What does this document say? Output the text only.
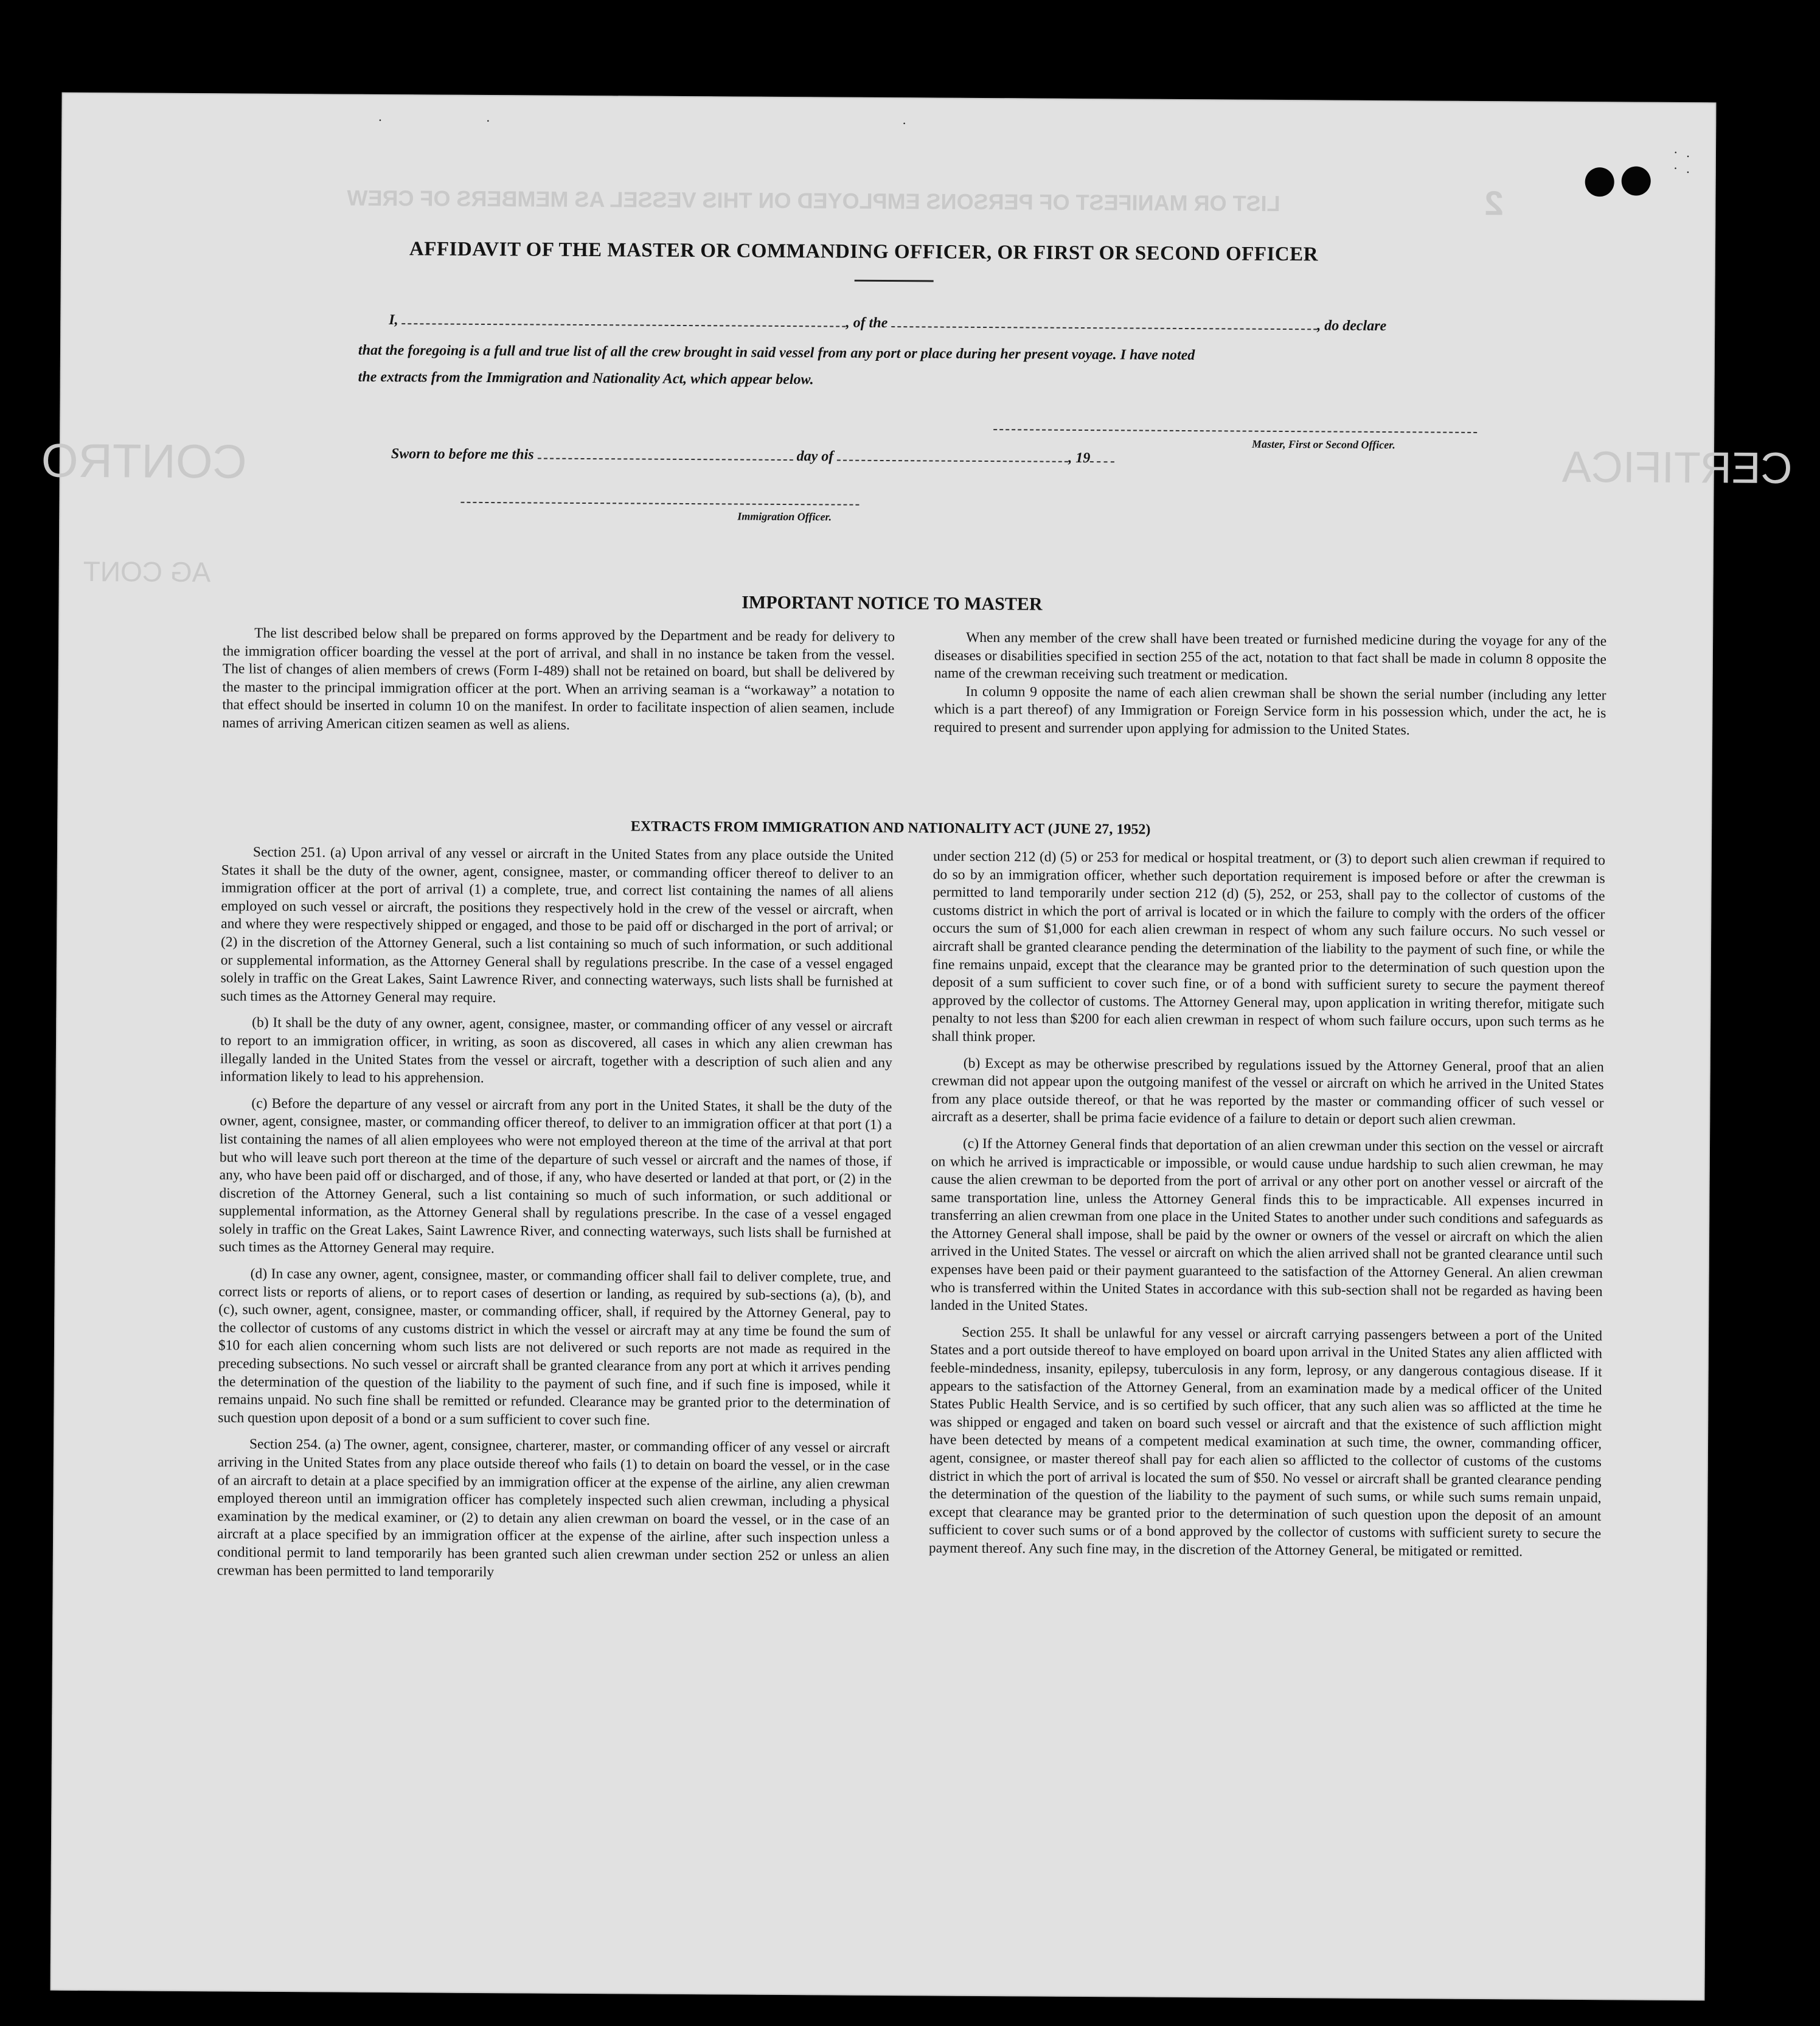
·. ·.
·        ·                                  ·
LIST OR MANIFEST OF PERSONS EMPLOYED ON THIS VESSEL AS MEMBERS OF CREW	2
CONTRO	CERTIFICA
AG CONT
AFFIDAVIT OF THE MASTER OR COMMANDING OFFICER, OR FIRST OR SECOND OFFICER
I,	, of the	, do declare
that the foregoing is a full and true list of all the crew brought in said vessel from any port or place during her present voyage. I have noted
the extracts from the Immigration and Nationality Act, which appear below.
Master, First or Second Officer.
Sworn to before me this	day of	, 19
Immigration Officer.
IMPORTANT NOTICE TO MASTER

The list described below shall be prepared on forms approved by the Department and be ready for delivery to the immigration officer boarding the vessel at the port of arrival, and shall in no instance be taken from the vessel. The list of changes of alien members of crews (Form I-489) shall not be retained on board, but shall be delivered by the master to the principal immigration officer at the port. When an arriving seaman is a “workaway” a notation to that effect should be inserted in column 10 on the manifest. In order to facilitate inspection of alien seamen, include names of arriving American citizen seamen as well as aliens.

When any member of the crew shall have been treated or furnished medicine during the voyage for any of the diseases or disabilities specified in section 255 of the act, notation to that fact shall be made in column 8 opposite the name of the crewman receiving such treatment or medication.

In column 9 opposite the name of each alien crewman shall be shown the serial number (including any letter which is a part thereof) of any Immigration or Foreign Service form in his possession which, under the act, he is required to present and surrender upon applying for admission to the United States.

EXTRACTS FROM IMMIGRATION AND NATIONALITY ACT (JUNE 27, 1952)

Section 251. (a) Upon arrival of any vessel or aircraft in the United States from any place outside the United States it shall be the duty of the owner, agent, consignee, master, or commanding officer thereof to deliver to an immigration officer at the port of arrival (1) a complete, true, and correct list containing the names of all aliens employed on such vessel or aircraft, the positions they respectively hold in the crew of the vessel or aircraft, when and where they were respectively shipped or engaged, and those to be paid off or discharged in the port of arrival; or (2) in the discretion of the Attorney General, such a list containing so much of such information, or such additional or supplemental information, as the Attorney General shall by regulations prescribe. In the case of a vessel engaged solely in traffic on the Great Lakes, Saint Lawrence River, and connecting waterways, such lists shall be furnished at such times as the Attorney General may require.

(b) It shall be the duty of any owner, agent, consignee, master, or commanding officer of any vessel or aircraft to report to an immigration officer, in writing, as soon as discovered, all cases in which any alien crewman has illegally landed in the United States from the vessel or aircraft, together with a description of such alien and any information likely to lead to his apprehension.

(c) Before the departure of any vessel or aircraft from any port in the United States, it shall be the duty of the owner, agent, consignee, master, or commanding officer thereof, to deliver to an immigration officer at that port (1) a list containing the names of all alien employees who were not employed thereon at the time of the arrival at that port but who will leave such port thereon at the time of the departure of such vessel or aircraft and the names of those, if any, who have been paid off or discharged, and of those, if any, who have deserted or landed at that port, or (2) in the discretion of the Attorney General, such a list containing so much of such information, or such additional or supplemental information, as the Attorney General shall by regulations prescribe. In the case of a vessel engaged solely in traffic on the Great Lakes, Saint Lawrence River, and connecting waterways, such lists shall be furnished at such times as the Attorney General may require.

(d) In case any owner, agent, consignee, master, or commanding officer shall fail to deliver complete, true, and correct lists or reports of aliens, or to report cases of desertion or landing, as required by sub-sections (a), (b), and (c), such owner, agent, consignee, master, or commanding officer, shall, if required by the Attorney General, pay to the collector of customs of any customs district in which the vessel or aircraft may at any time be found the sum of $10 for each alien concerning whom such lists are not delivered or such reports are not made as required in the preceding subsections. No such vessel or aircraft shall be granted clearance from any port at which it arrives pending the determination of the question of the liability to the payment of such fine, and if such fine is imposed, while it remains unpaid. No such fine shall be remitted or refunded. Clearance may be granted prior to the determination of such question upon deposit of a bond or a sum sufficient to cover such fine.

Section 254. (a) The owner, agent, consignee, charterer, master, or commanding officer of any vessel or aircraft arriving in the United States from any place outside thereof who fails (1) to detain on board the vessel, or in the case of an aircraft to detain at a place specified by an immigration officer at the expense of the airline, any alien crewman employed thereon until an immigration officer has completely inspected such alien crewman, including a physical examination by the medical examiner, or (2) to detain any alien crewman on board the vessel, or in the case of an aircraft at a place specified by an immigration officer at the expense of the airline, after such inspection unless a conditional permit to land temporarily has been granted such alien crewman under section 252 or unless an alien crewman has been permitted to land temporarily

under section 212 (d) (5) or 253 for medical or hospital treatment, or (3) to deport such alien crewman if required to do so by an immigration officer, whether such deportation requirement is imposed before or after the crewman is permitted to land temporarily under section 212 (d) (5), 252, or 253, shall pay to the collector of customs of the customs district in which the port of arrival is located or in which the failure to comply with the orders of the officer occurs the sum of $1,000 for each alien crewman in respect of whom any such failure occurs. No such vessel or aircraft shall be granted clearance pending the determination of the liability to the payment of such fine, or while the fine remains unpaid, except that the clearance may be granted prior to the determination of such question upon the deposit of a sum sufficient to cover such fine, or of a bond with sufficient surety to secure the payment thereof approved by the collector of customs. The Attorney General may, upon application in writing therefor, mitigate such penalty to not less than $200 for each alien crewman in respect of whom such failure occurs, upon such terms as he shall think proper.

(b) Except as may be otherwise prescribed by regulations issued by the Attorney General, proof that an alien crewman did not appear upon the outgoing manifest of the vessel or aircraft on which he arrived in the United States from any place outside thereof, or that he was reported by the master or commanding officer of such vessel or aircraft as a deserter, shall be prima facie evidence of a failure to detain or deport such alien crewman.

(c) If the Attorney General finds that deportation of an alien crewman under this section on the vessel or aircraft on which he arrived is impracticable or impossible, or would cause undue hardship to such alien crewman, he may cause the alien crewman to be deported from the port of arrival or any other port on another vessel or aircraft of the same transportation line, unless the Attorney General finds this to be impracticable. All expenses incurred in transferring an alien crewman from one place in the United States to another under such conditions and safeguards as the Attorney General shall impose, shall be paid by the owner or owners of the vessel or aircraft on which the alien arrived in the United States. The vessel or aircraft on which the alien arrived shall not be granted clearance until such expenses have been paid or their payment guaranteed to the satisfaction of the Attorney General. An alien crewman who is transferred within the United States in accordance with this sub-section shall not be regarded as having been landed in the United States.

Section 255. It shall be unlawful for any vessel or aircraft carrying passengers between a port of the United States and a port outside thereof to have employed on board upon arrival in the United States any alien afflicted with feeble-mindedness, insanity, epilepsy, tuberculosis in any form, leprosy, or any dangerous contagious disease. If it appears to the satisfaction of the Attorney General, from an examination made by a medical officer of the United States Public Health Service, and is so certified by such officer, that any such alien was so afflicted at the time he was shipped or engaged and taken on board such vessel or aircraft and that the existence of such affliction might have been detected by means of a competent medical examination at such time, the owner, commanding officer, agent, consignee, or master thereof shall pay for each alien so afflicted to the collector of customs of the customs district in which the port of arrival is located the sum of $50. No vessel or aircraft shall be granted clearance pending the determination of the question of the liability to the payment of such sums, or while such sums remain unpaid, except that clearance may be granted prior to the determination of such question upon the deposit of an amount sufficient to cover such sums or of a bond approved by the collector of customs with sufficient surety to secure the payment thereof. Any such fine may, in the discretion of the Attorney General, be mitigated or remitted.
